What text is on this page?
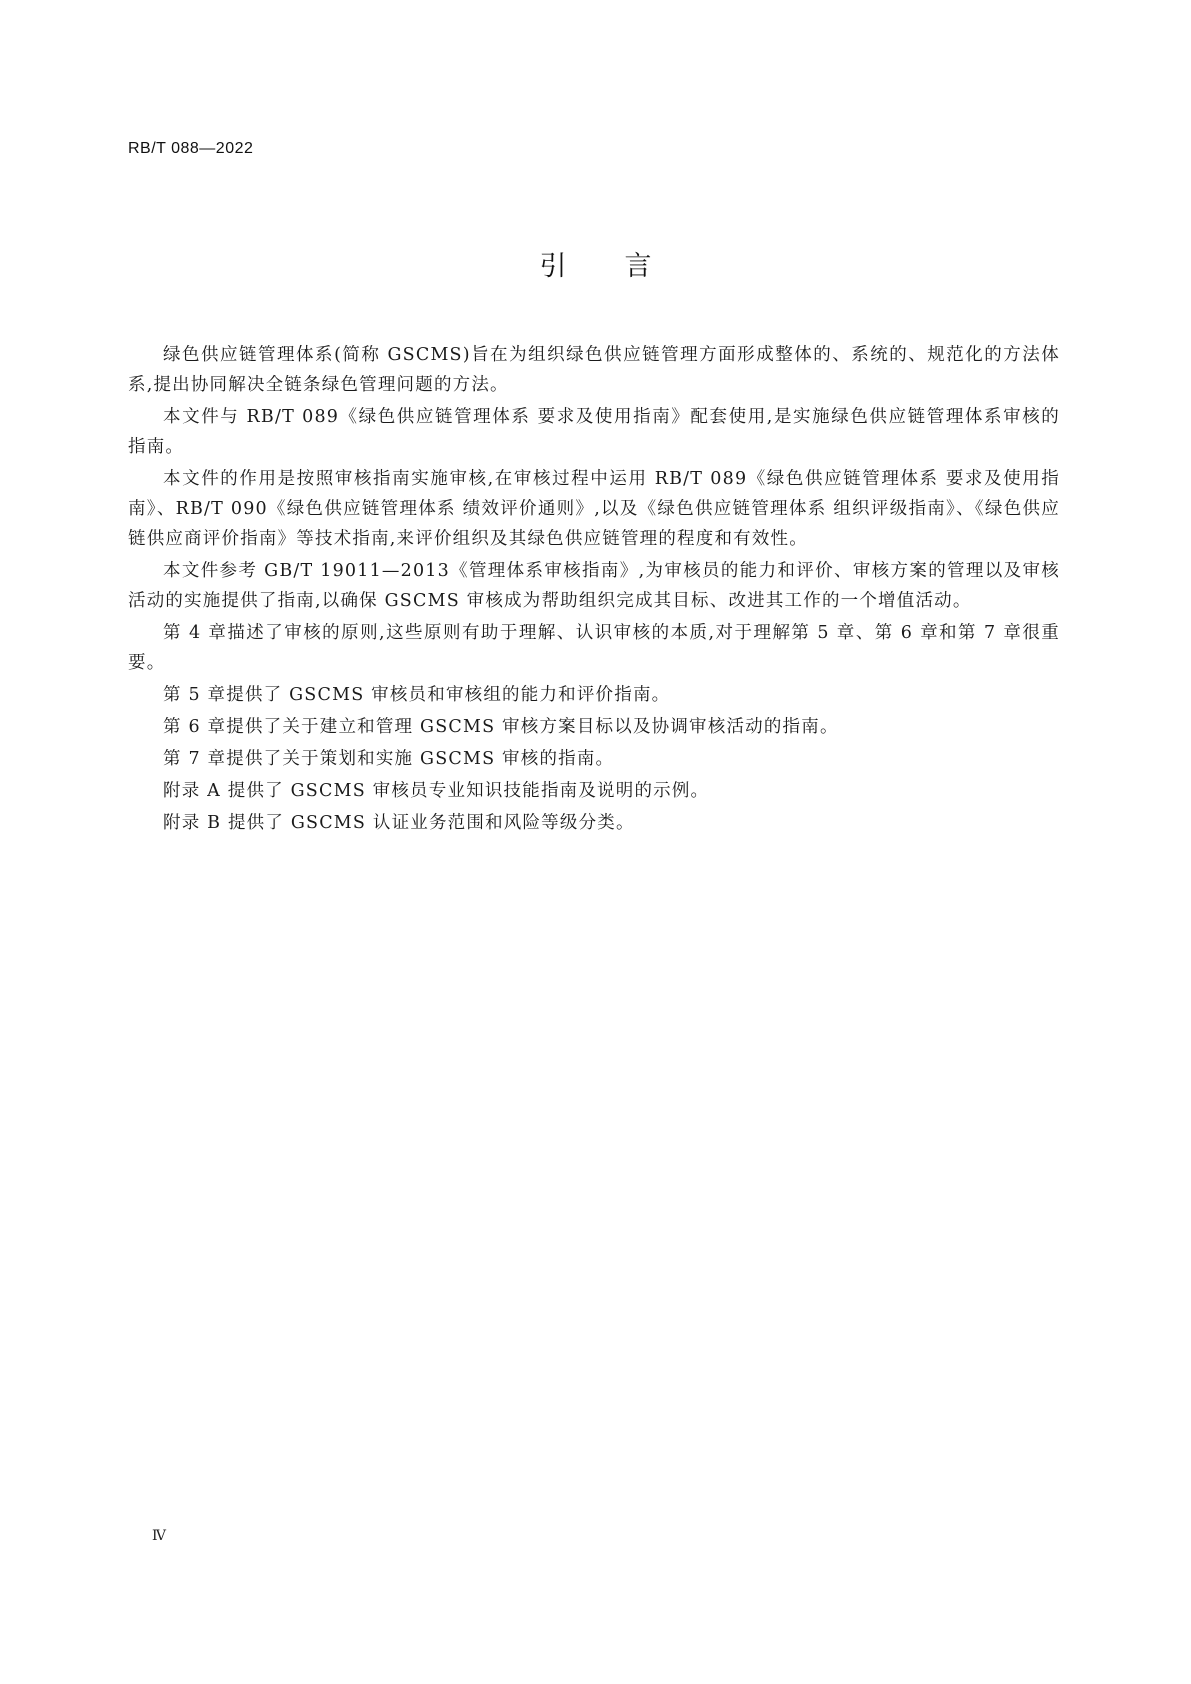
RB/T 088—2022
引言

绿色供应链管理体系(简称 GSCMS)旨在为组织绿色供应链管理方面形成整体的、系统的、规范化的方法体系,提出协同解决全链条绿色管理问题的方法。

本文件与 RB/T 089《绿色供应链管理体系 要求及使用指南》配套使用,是实施绿色供应链管理体系审核的指南。

本文件的作用是按照审核指南实施审核,在审核过程中运用 RB/T 089《绿色供应链管理体系 要求及使用指南》、RB/T 090《绿色供应链管理体系 绩效评价通则》,以及《绿色供应链管理体系 组织评级指南》、《绿色供应链供应商评价指南》等技术指南,来评价组织及其绿色供应链管理的程度和有效性。

本文件参考 GB/T 19011—2013《管理体系审核指南》,为审核员的能力和评价、审核方案的管理以及审核活动的实施提供了指南,以确保 GSCMS 审核成为帮助组织完成其目标、改进其工作的一个增值活动。

第 4 章描述了审核的原则,这些原则有助于理解、认识审核的本质,对于理解第 5 章、第 6 章和第 7 章很重要。

第 5 章提供了 GSCMS 审核员和审核组的能力和评价指南。

第 6 章提供了关于建立和管理 GSCMS 审核方案目标以及协调审核活动的指南。

第 7 章提供了关于策划和实施 GSCMS 审核的指南。

附录 A 提供了 GSCMS 审核员专业知识技能指南及说明的示例。

附录 B 提供了 GSCMS 认证业务范围和风险等级分类。

Ⅳ
